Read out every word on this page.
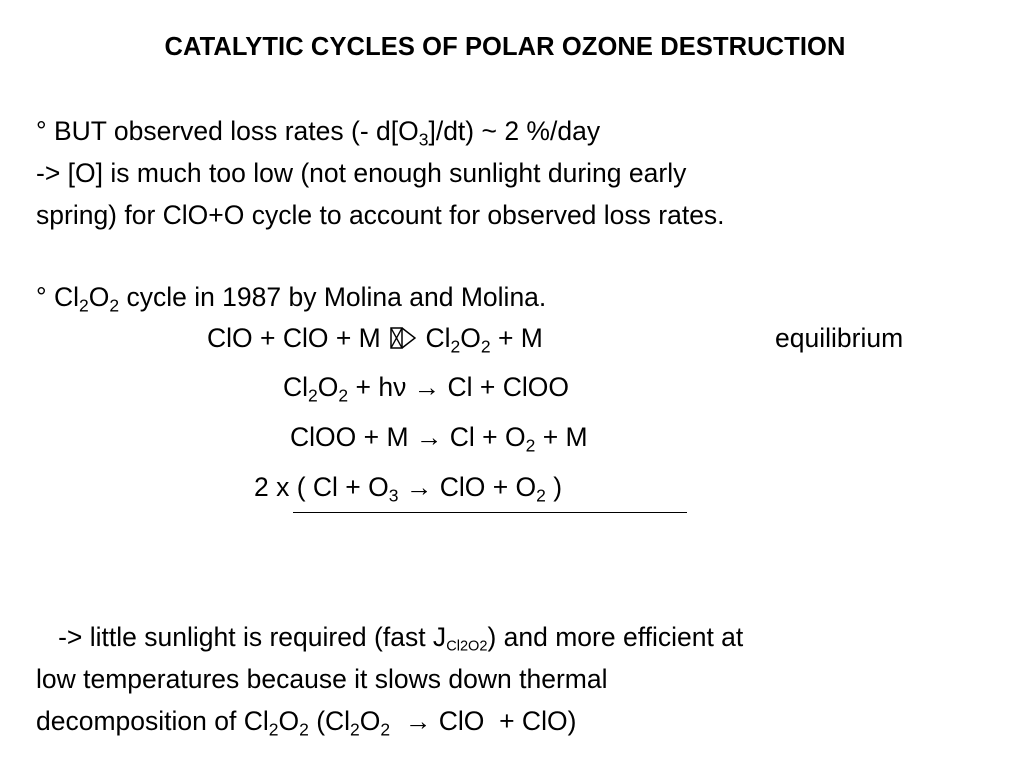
CATALYTIC CYCLES OF POLAR OZONE DESTRUCTION
° BUT observed loss rates (- $d[O_3]/dt$) ~ 2 %/day
-> [O] is much too low (not enough sunlight during early
spring) for ClO+O cycle to account for observed loss rates.
° $Cl_2O_2$ cycle in 1987 by Molina and Molina.
ClO + ClO + M
$Cl_2O_2 + M$	equilibrium
$Cl_2O_2 + h\nu \to Cl$ + ClOO
ClOO + $M \to Cl + O_2 + M$
2 x ( $Cl + O_3$ → ClO + $O_2$ )
-> little sunlight is required (fast $J_{Cl2O2}$) and more efficient at
low temperatures because it slows down thermal
decomposition of $Cl_2O_2$ ($Cl_2O_2$  → ClO  + ClO)
